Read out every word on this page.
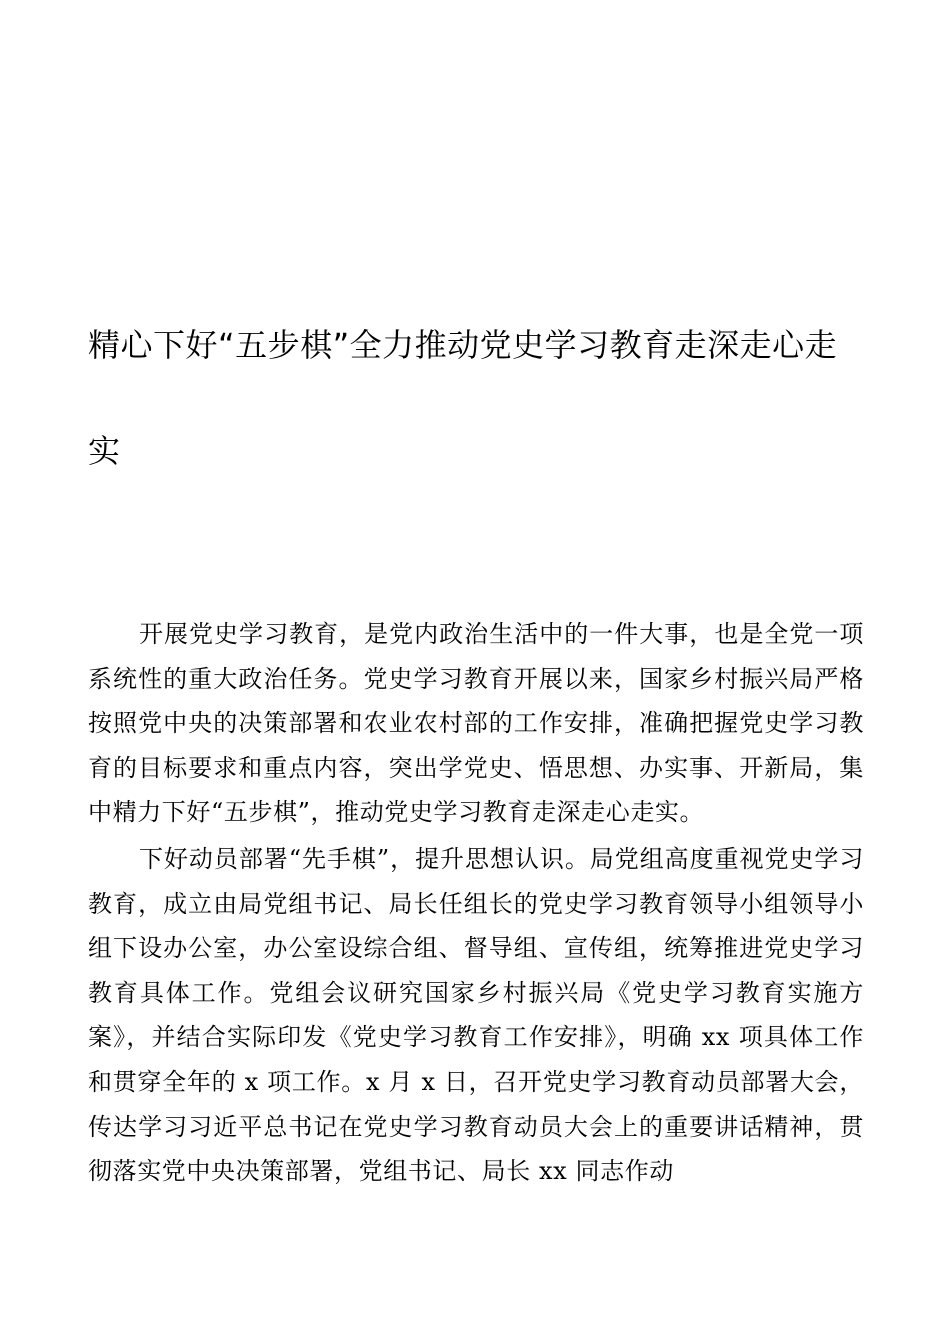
精心下好“五步棋”全力推动党史学习教育走深走心走实

开展党史学习教育，是党内政治生活中的一件大事，也是全党一项系统性的重大政治任务。党史学习教育开展以来，国家乡村振兴局严格按照党中央的决策部署和农业农村部的工作安排，准确把握党史学习教育的目标要求和重点内容，突出学党史、悟思想、办实事、开新局，集中精力下好“五步棋”，推动党史学习教育走深走心走实。

下好动员部署“先手棋”，提升思想认识。局党组高度重视党史学习教育，成立由局党组书记、局长任组长的党史学习教育领导小组领导小组下设办公室，办公室设综合组、督导组、宣传组，统筹推进党史学习教育具体工作。党组会议研究国家乡村振兴局《党史学习教育实施方案》，并结合实际印发《党史学习教育工作安排》，明确 xx 项具体工作和贯穿全年的 x 项工作。x 月 x 日，召开党史学习教育动员部署大会，传达学习习近平总书记在党史学习教育动员大会上的重要讲话精神，贯彻落实党中央决策部署，党组书记、局长 xx 同志作动
